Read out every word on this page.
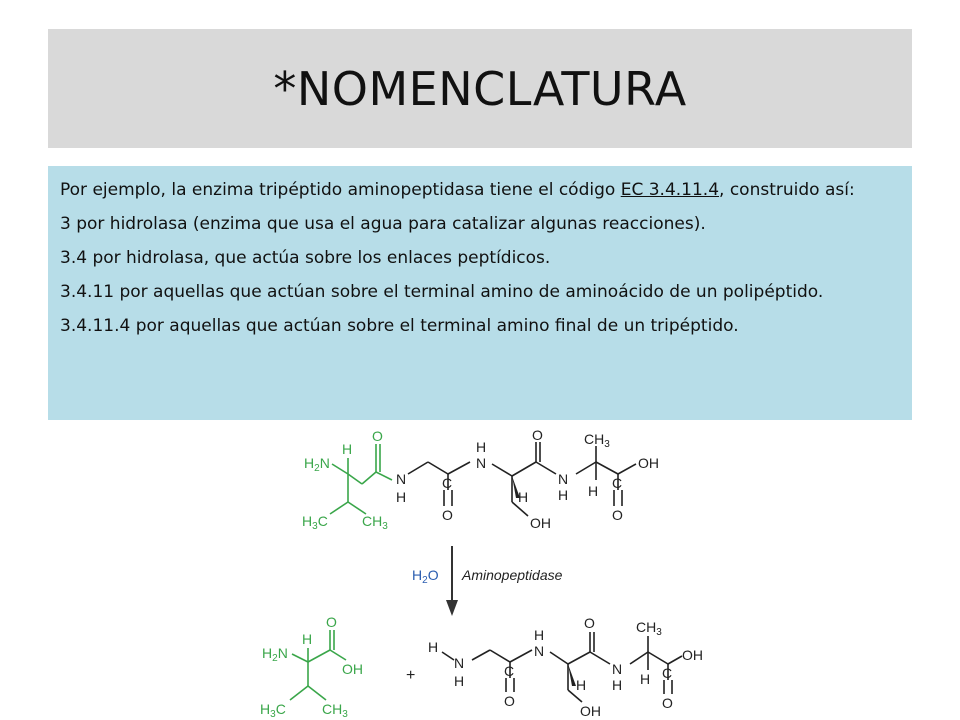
*NOMENCLATURA

Por ejemplo, la enzima tripéptido aminopeptidasa tiene el código EC 3.4.11.4, construido así:

3 por hidrolasa (enzima que usa el agua para catalizar algunas reacciones).

3.4 por hidrolasa, que actúa sobre los enlaces peptídicos.

3.4.11 por aquellas que actúan sobre el terminal amino de aminoácido de un polipéptido.

3.4.11.4 por aquellas que actúan sobre el terminal amino final de un tripéptido.

$H_2N$
H
O
$H_3C$ $CH_3$
N
H
C
O
N
H
H
OH
O
N
H
$CH_3$
H C
O
OH
$H_2O$ Aminopeptidase
$H_2N$
H
O
OH
$H_3C$	$CH_3$
+
H
N
H
C
O
N
H
O
H
OH
N
H
$CH_3$
H C
O
OH
